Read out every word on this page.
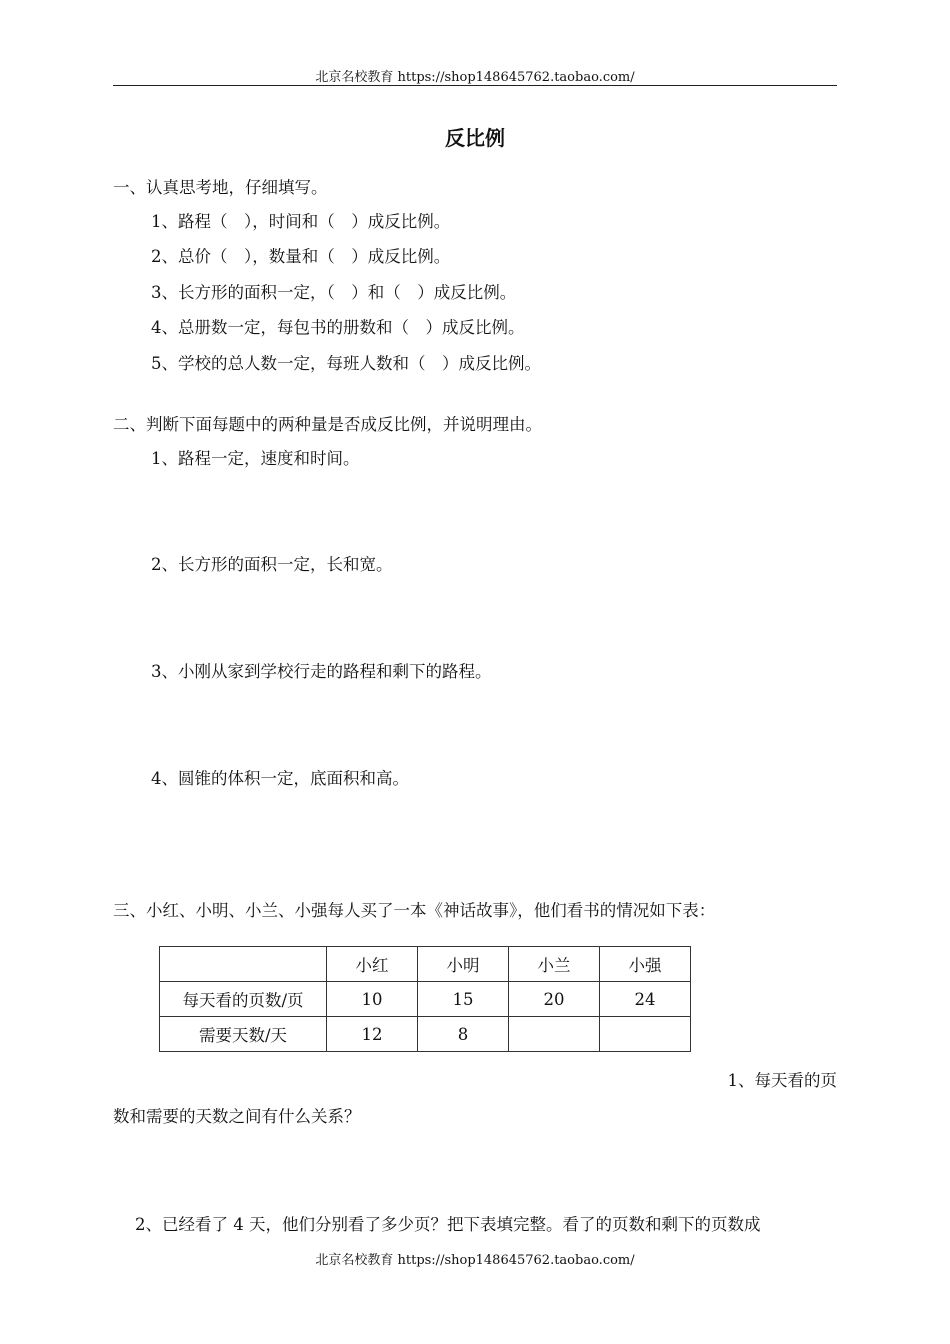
北京名校教育 https://shop148645762.taobao.com/
反比例
一、认真思考地，仔细填写。
1、路程（　），时间和（　）成反比例。
2、总价（　），数量和（　）成反比例。
3、长方形的面积一定，（　）和（　）成反比例。
4、总册数一定，每包书的册数和（　）成反比例。
5、学校的总人数一定，每班人数和（　）成反比例。
二、判断下面每题中的两种量是否成反比例，并说明理由。
1、路程一定，速度和时间。
2、长方形的面积一定，长和宽。
3、小刚从家到学校行走的路程和剩下的路程。
4、圆锥的体积一定，底面积和高。
三、小红、小明、小兰、小强每人买了一本《神话故事》，他们看书的情况如下表：
	小红	小明	小兰	小强
每天看的页数/页	10	15	20	24
需要天数/天	12	8		
1、每天看的页
数和需要的天数之间有什么关系？
2、已经看了 4 天，他们分别看了多少页？把下表填完整。看了的页数和剩下的页数成
北京名校教育 https://shop148645762.taobao.com/
